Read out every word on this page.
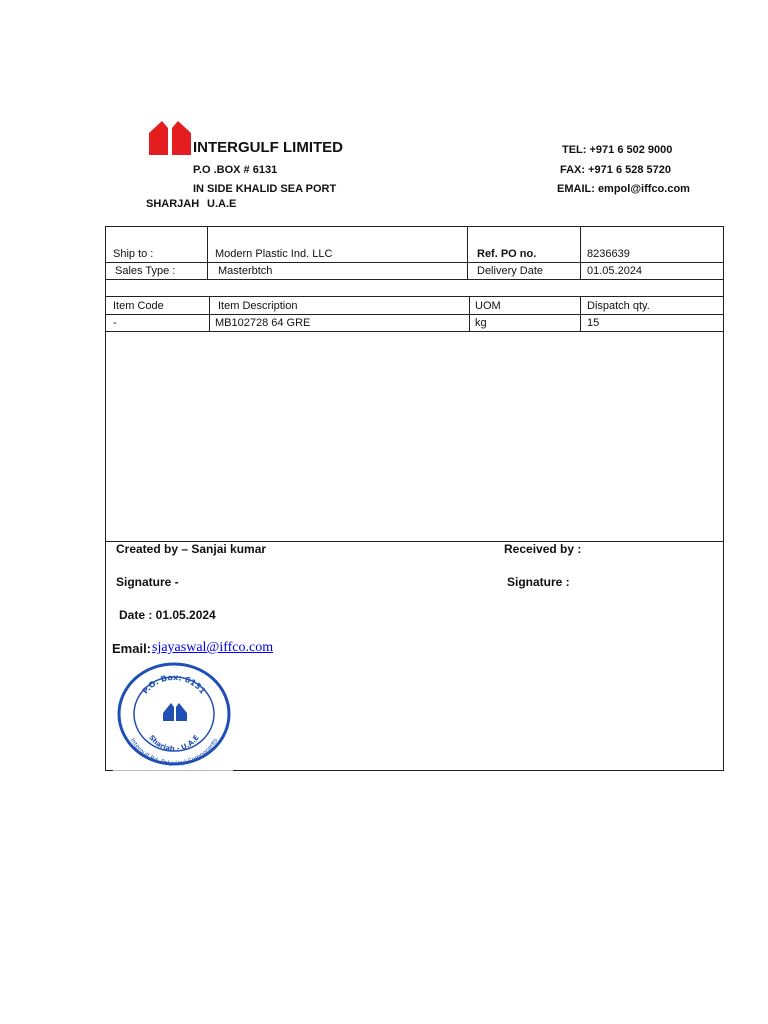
INTERGULF LIMITED
P.O .BOX # 6131
IN SIDE KHALID SEA PORT
SHARJAH U.A.E
TEL: +971 6 502 9000
FAX: +971 6 528 5720
EMAIL: empol@iffco.com
Ship to :	Modern Plastic Ind. LLC	Ref. PO no.	8236639
Sales Type :	Masterbtch	Delivery Date	01.05.2024
Item Code	Item Description	UOM	Dispatch qty.
-	MB102728 64 GRE	kg	15
Created by – Sanjai kumar	Received by :
Signature -	Signature :
Date : 01.05.2024
Email: sjayaswal@iffco.com
P.O. Box: 6131
Sharjah - U.A.E
Intergulf Rd. Polyvinyl Components
